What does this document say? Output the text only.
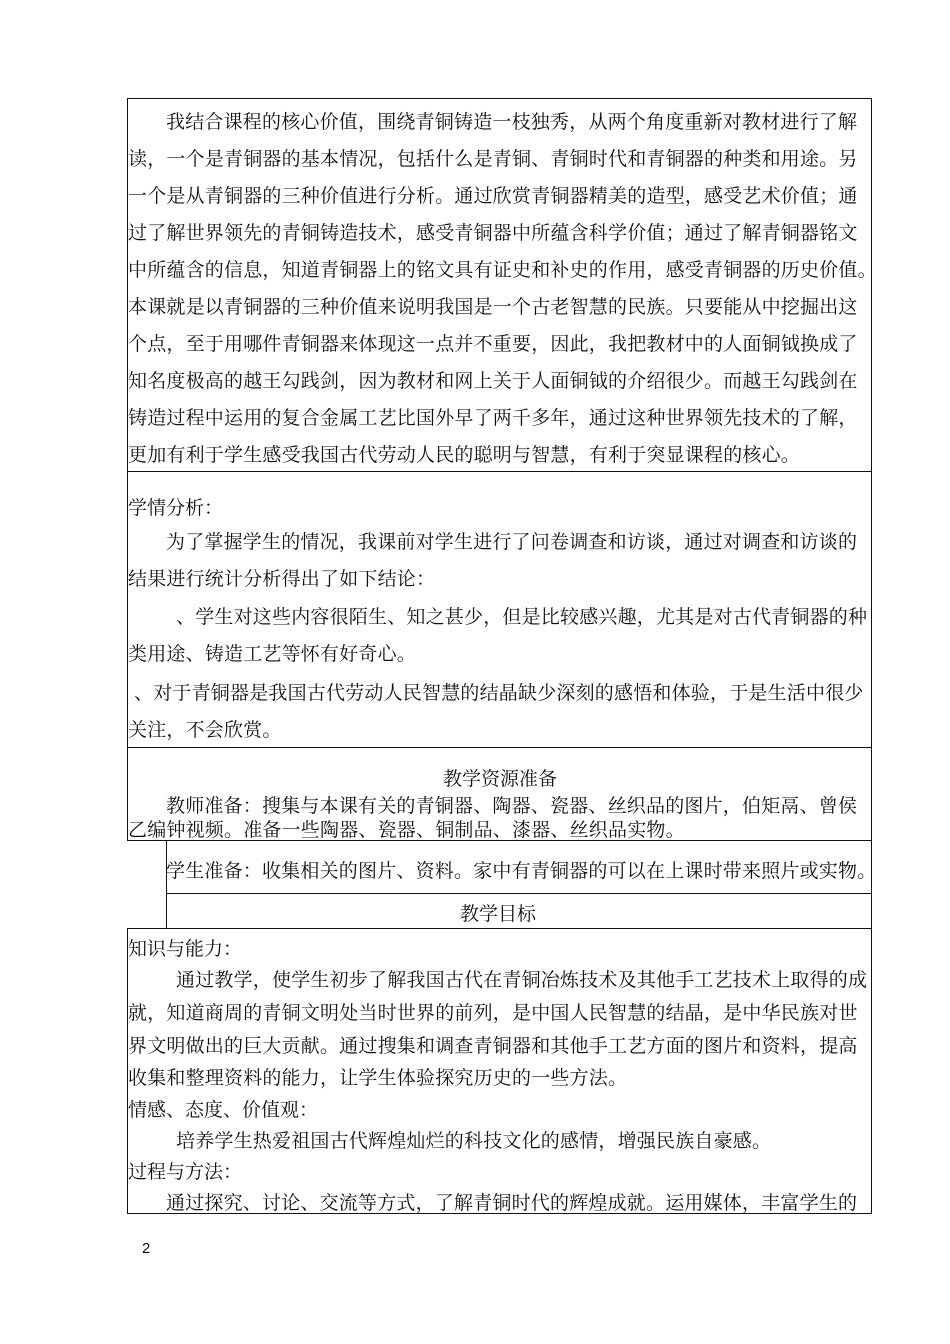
我结合课程的核心价值，围绕青铜铸造一枝独秀，从两个角度重新对教材进行了解
读，一个是青铜器的基本情况，包括什么是青铜、青铜时代和青铜器的种类和用途。另
一个是从青铜器的三种价值进行分析。通过欣赏青铜器精美的造型，感受艺术价值；通
过了解世界领先的青铜铸造技术，感受青铜器中所蕴含科学价值；通过了解青铜器铭文
中所蕴含的信息，知道青铜器上的铭文具有证史和补史的作用，感受青铜器的历史价值。
本课就是以青铜器的三种价值来说明我国是一个古老智慧的民族。只要能从中挖掘出这
个点，至于用哪件青铜器来体现这一点并不重要，因此，我把教材中的人面铜钺换成了
知名度极高的越王勾践剑，因为教材和网上关于人面铜钺的介绍很少。而越王勾践剑在
铸造过程中运用的复合金属工艺比国外早了两千多年，通过这种世界领先技术的了解，
更加有利于学生感受我国古代劳动人民的聪明与智慧，有利于突显课程的核心。
学情分析：
为了掌握学生的情况，我课前对学生进行了问卷调查和访谈，通过对调查和访谈的
结果进行统计分析得出了如下结论：
、学生对这些内容很陌生、知之甚少，但是比较感兴趣，尤其是对古代青铜器的种
类用途、铸造工艺等怀有好奇心。
、对于青铜器是我国古代劳动人民智慧的结晶缺少深刻的感悟和体验，于是生活中很少
关注，不会欣赏。
教学资源准备
教师准备：搜集与本课有关的青铜器、陶器、瓷器、丝织品的图片，伯矩鬲、曾侯
乙编钟视频。准备一些陶器、瓷器、铜制品、漆器、丝织品实物。
学生准备：收集相关的图片、资料。家中有青铜器的可以在上课时带来照片或实物。
教学目标
知识与能力：
通过教学，使学生初步了解我国古代在青铜冶炼技术及其他手工艺技术上取得的成
就，知道商周的青铜文明处当时世界的前列，是中国人民智慧的结晶，是中华民族对世
界文明做出的巨大贡献。通过搜集和调查青铜器和其他手工艺方面的图片和资料，提高
收集和整理资料的能力，让学生体验探究历史的一些方法。
情感、态度、价值观：
培养学生热爱祖国古代辉煌灿烂的科技文化的感情，增强民族自豪感。
过程与方法：
通过探究、讨论、交流等方式，了解青铜时代的辉煌成就。运用媒体，丰富学生的
2
